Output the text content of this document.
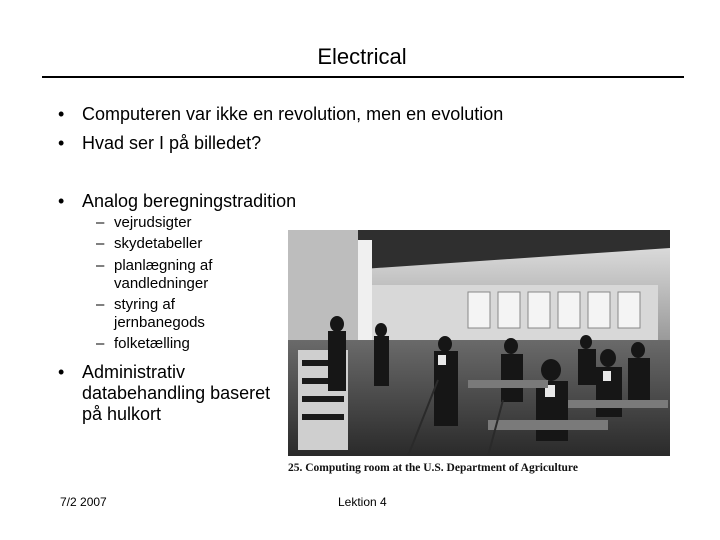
Electrical
• Computeren var ikke en revolution, men en evolution
• Hvad ser I på billedet?
• Analog beregningstradition
– vejrudsigter
– skydetabeller
– planlægning af vandledninger
– styring af jernbanegods
– folketælling
• Administrativ databehandling baseret på hulkort
25. Computing room at the U.S. Department of Agriculture
7/2 2007	Lektion 4
